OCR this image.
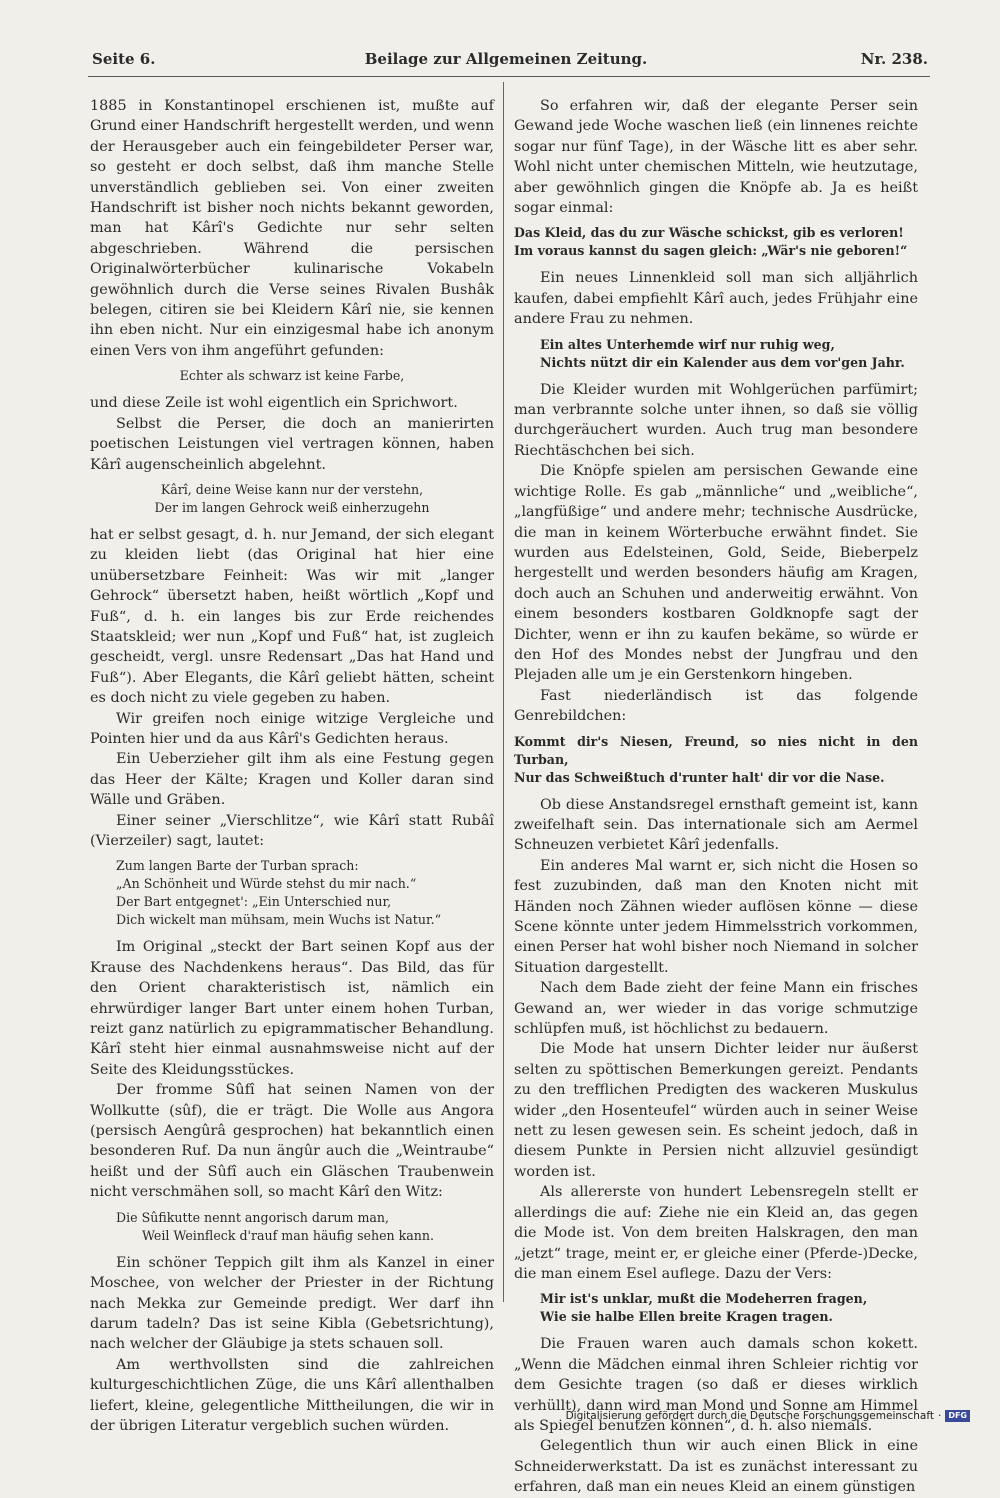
Seite 6.	Beilage zur Allgemeinen Zeitung.	Nr. 238.

1885 in Konstantinopel erschienen ist, mußte auf Grund einer Handschrift hergestellt werden, und wenn der Herausgeber auch ein feingebildeter Perser war, so gesteht er doch selbst, daß ihm manche Stelle unverständlich geblieben sei. Von einer zweiten Handschrift ist bisher noch nichts bekannt geworden, man hat Kârî's Gedichte nur sehr selten abgeschrieben. Während die persischen Originalwörterbücher kulinarische Vokabeln gewöhnlich durch die Verse seines Rivalen Bushâk belegen, citiren sie bei Kleidern Kârî nie, sie kennen ihn eben nicht. Nur ein einzigesmal habe ich anonym einen Vers von ihm angeführt gefunden:

Echter als schwarz ist keine Farbe,

und diese Zeile ist wohl eigentlich ein Sprichwort.

Selbst die Perser, die doch an manierirten poetischen Leistungen viel vertragen können, haben Kârî augenscheinlich abgelehnt.

Kârî, deine Weise kann nur der verstehn,
Der im langen Gehrock weiß einherzugehn

hat er selbst gesagt, d. h. nur Jemand, der sich elegant zu kleiden liebt (das Original hat hier eine unübersetzbare Feinheit: Was wir mit „langer Gehrock“ übersetzt haben, heißt wörtlich „Kopf und Fuß“, d. h. ein langes bis zur Erde reichendes Staatskleid; wer nun „Kopf und Fuß“ hat, ist zugleich gescheidt, vergl. unsre Redensart „Das hat Hand und Fuß“). Aber Elegants, die Kârî geliebt hätten, scheint es doch nicht zu viele gegeben zu haben.

Wir greifen noch einige witzige Vergleiche und Pointen hier und da aus Kârî's Gedichten heraus.

Ein Ueberzieher gilt ihm als eine Festung gegen das Heer der Kälte; Kragen und Koller daran sind Wälle und Gräben.

Einer seiner „Vierschlitze“, wie Kârî statt Rubâî (Vierzeiler) sagt, lautet:

Zum langen Barte der Turban sprach:
„An Schönheit und Würde stehst du mir nach.“
Der Bart entgegnet': „Ein Unterschied nur,
Dich wickelt man mühsam, mein Wuchs ist Natur.“

Im Original „steckt der Bart seinen Kopf aus der Krause des Nachdenkens heraus“. Das Bild, das für den Orient charakteristisch ist, nämlich ein ehrwürdiger langer Bart unter einem hohen Turban, reizt ganz natürlich zu epigrammatischer Behandlung. Kârî steht hier einmal ausnahmsweise nicht auf der Seite des Kleidungsstückes.

Der fromme Sûfî hat seinen Namen von der Wollkutte (sûf), die er trägt. Die Wolle aus Angora (persisch Aengûrâ gesprochen) hat bekanntlich einen besonderen Ruf. Da nun ängûr auch die „Weintraube“ heißt und der Sûfî auch ein Gläschen Traubenwein nicht verschmähen soll, so macht Kârî den Witz:

Die Sûfikutte nennt angorisch darum man,
Weil Weinfleck d'rauf man häufig sehen kann.

Ein schöner Teppich gilt ihm als Kanzel in einer Moschee, von welcher der Priester in der Richtung nach Mekka zur Gemeinde predigt. Wer darf ihn darum tadeln? Das ist seine Kibla (Gebetsrichtung), nach welcher der Gläubige ja stets schauen soll.

Am werthvollsten sind die zahlreichen kulturgeschichtlichen Züge, die uns Kârî allenthalben liefert, kleine, gelegentliche Mittheilungen, die wir in der übrigen Literatur vergeblich suchen würden.

So erfahren wir, daß der elegante Perser sein Gewand jede Woche waschen ließ (ein linnenes reichte sogar nur fünf Tage), in der Wäsche litt es aber sehr. Wohl nicht unter chemischen Mitteln, wie heutzutage, aber gewöhnlich gingen die Knöpfe ab. Ja es heißt sogar einmal:

Das Kleid, das du zur Wäsche schickst, gib es verloren!
Im voraus kannst du sagen gleich: „Wär's nie geboren!“

Ein neues Linnenkleid soll man sich alljährlich kaufen, dabei empfiehlt Kârî auch, jedes Frühjahr eine andere Frau zu nehmen.

Ein altes Unterhemde wirf nur ruhig weg,
Nichts nützt dir ein Kalender aus dem vor'gen Jahr.

Die Kleider wurden mit Wohlgerüchen parfümirt; man verbrannte solche unter ihnen, so daß sie völlig durchgeräuchert wurden. Auch trug man besondere Riechtäschchen bei sich.

Die Knöpfe spielen am persischen Gewande eine wichtige Rolle. Es gab „männliche“ und „weibliche“, „langfüßige“ und andere mehr; technische Ausdrücke, die man in keinem Wörterbuche erwähnt findet. Sie wurden aus Edelsteinen, Gold, Seide, Bieberpelz hergestellt und werden besonders häufig am Kragen, doch auch an Schuhen und anderweitig erwähnt. Von einem besonders kostbaren Goldknopfe sagt der Dichter, wenn er ihn zu kaufen bekäme, so würde er den Hof des Mondes nebst der Jungfrau und den Plejaden alle um je ein Gerstenkorn hingeben.

Fast niederländisch ist das folgende Genrebildchen:

Kommt dir's Niesen, Freund, so nies nicht in den Turban,
Nur das Schweißtuch d'runter halt' dir vor die Nase.

Ob diese Anstandsregel ernsthaft gemeint ist, kann zweifelhaft sein. Das internationale sich am Aermel Schneuzen verbietet Kârî jedenfalls.

Ein anderes Mal warnt er, sich nicht die Hosen so fest zuzubinden, daß man den Knoten nicht mit Händen noch Zähnen wieder auflösen könne — diese Scene könnte unter jedem Himmelsstrich vorkommen, einen Perser hat wohl bisher noch Niemand in solcher Situation dargestellt.

Nach dem Bade zieht der feine Mann ein frisches Gewand an, wer wieder in das vorige schmutzige schlüpfen muß, ist höchlichst zu bedauern.

Die Mode hat unsern Dichter leider nur äußerst selten zu spöttischen Bemerkungen gereizt. Pendants zu den trefflichen Predigten des wackeren Muskulus wider „den Hosenteufel“ würden auch in seiner Weise nett zu lesen gewesen sein. Es scheint jedoch, daß in diesem Punkte in Persien nicht allzuviel gesündigt worden ist.

Als allererste von hundert Lebensregeln stellt er allerdings die auf: Ziehe nie ein Kleid an, das gegen die Mode ist. Von dem breiten Halskragen, den man „jetzt“ trage, meint er, er gleiche einer (Pferde-)Decke, die man einem Esel auflege. Dazu der Vers:

Mir ist's unklar, mußt die Modeherren fragen,
Wie sie halbe Ellen breite Kragen tragen.

Die Frauen waren auch damals schon kokett. „Wenn die Mädchen einmal ihren Schleier richtig vor dem Gesichte tragen (so daß er dieses wirklich verhüllt), dann wird man Mond und Sonne am Himmel als Spiegel benutzen können“, d. h. also niemals.

Gelegentlich thun wir auch einen Blick in eine Schneiderwerkstatt. Da ist es zunächst interessant zu erfahren, daß man ein neues Kleid an einem günstigen

Digitalisierung gefördert durch die Deutsche Forschungsgemeinschaft · DFG
